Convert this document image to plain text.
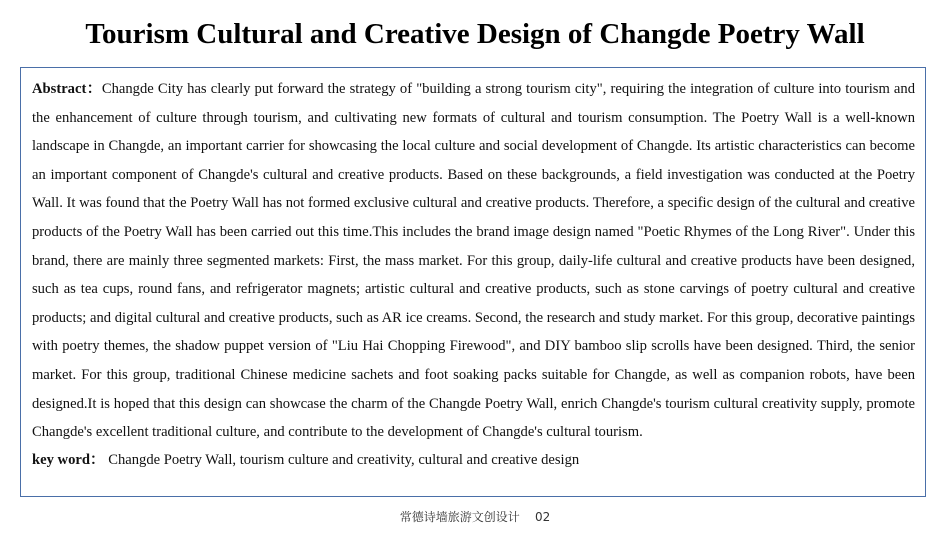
Tourism Cultural and Creative Design of Changde Poetry Wall

Abstract：Changde City has clearly put forward the strategy of "building a strong tourism city", requiring the integration of culture into tourism and the enhancement of culture through tourism, and cultivating new formats of cultural and tourism consumption. The Poetry Wall is a well-known landscape in Changde, an important carrier for showcasing the local culture and social development of Changde. Its artistic characteristics can become an important component of Changde's cultural and creative products. Based on these backgrounds, a field investigation was conducted at the Poetry Wall. It was found that the Poetry Wall has not formed exclusive cultural and creative products. Therefore, a specific design of the cultural and creative products of the Poetry Wall has been carried out this time.This includes the brand image design named "Poetic Rhymes of the Long River". Under this brand, there are mainly three segmented markets: First, the mass market. For this group, daily-life cultural and creative products have been designed, such as tea cups, round fans, and refrigerator magnets; artistic cultural and creative products, such as stone carvings of poetry cultural and creative products; and digital cultural and creative products, such as AR ice creams. Second, the research and study market. For this group, decorative paintings with poetry themes, the shadow puppet version of "Liu Hai Chopping Firewood", and DIY bamboo slip scrolls have been designed. Third, the senior market. For this group, traditional Chinese medicine sachets and foot soaking packs suitable for Changde, as well as companion robots, have been designed.It is hoped that this design can showcase the charm of the Changde Poetry Wall, enrich Changde's tourism cultural creativity supply, promote Changde's excellent traditional culture, and contribute to the development of Changde's cultural tourism.

key word： Changde Poetry Wall, tourism culture and creativity, cultural and creative design

常德诗墙旅游文创设计 02
